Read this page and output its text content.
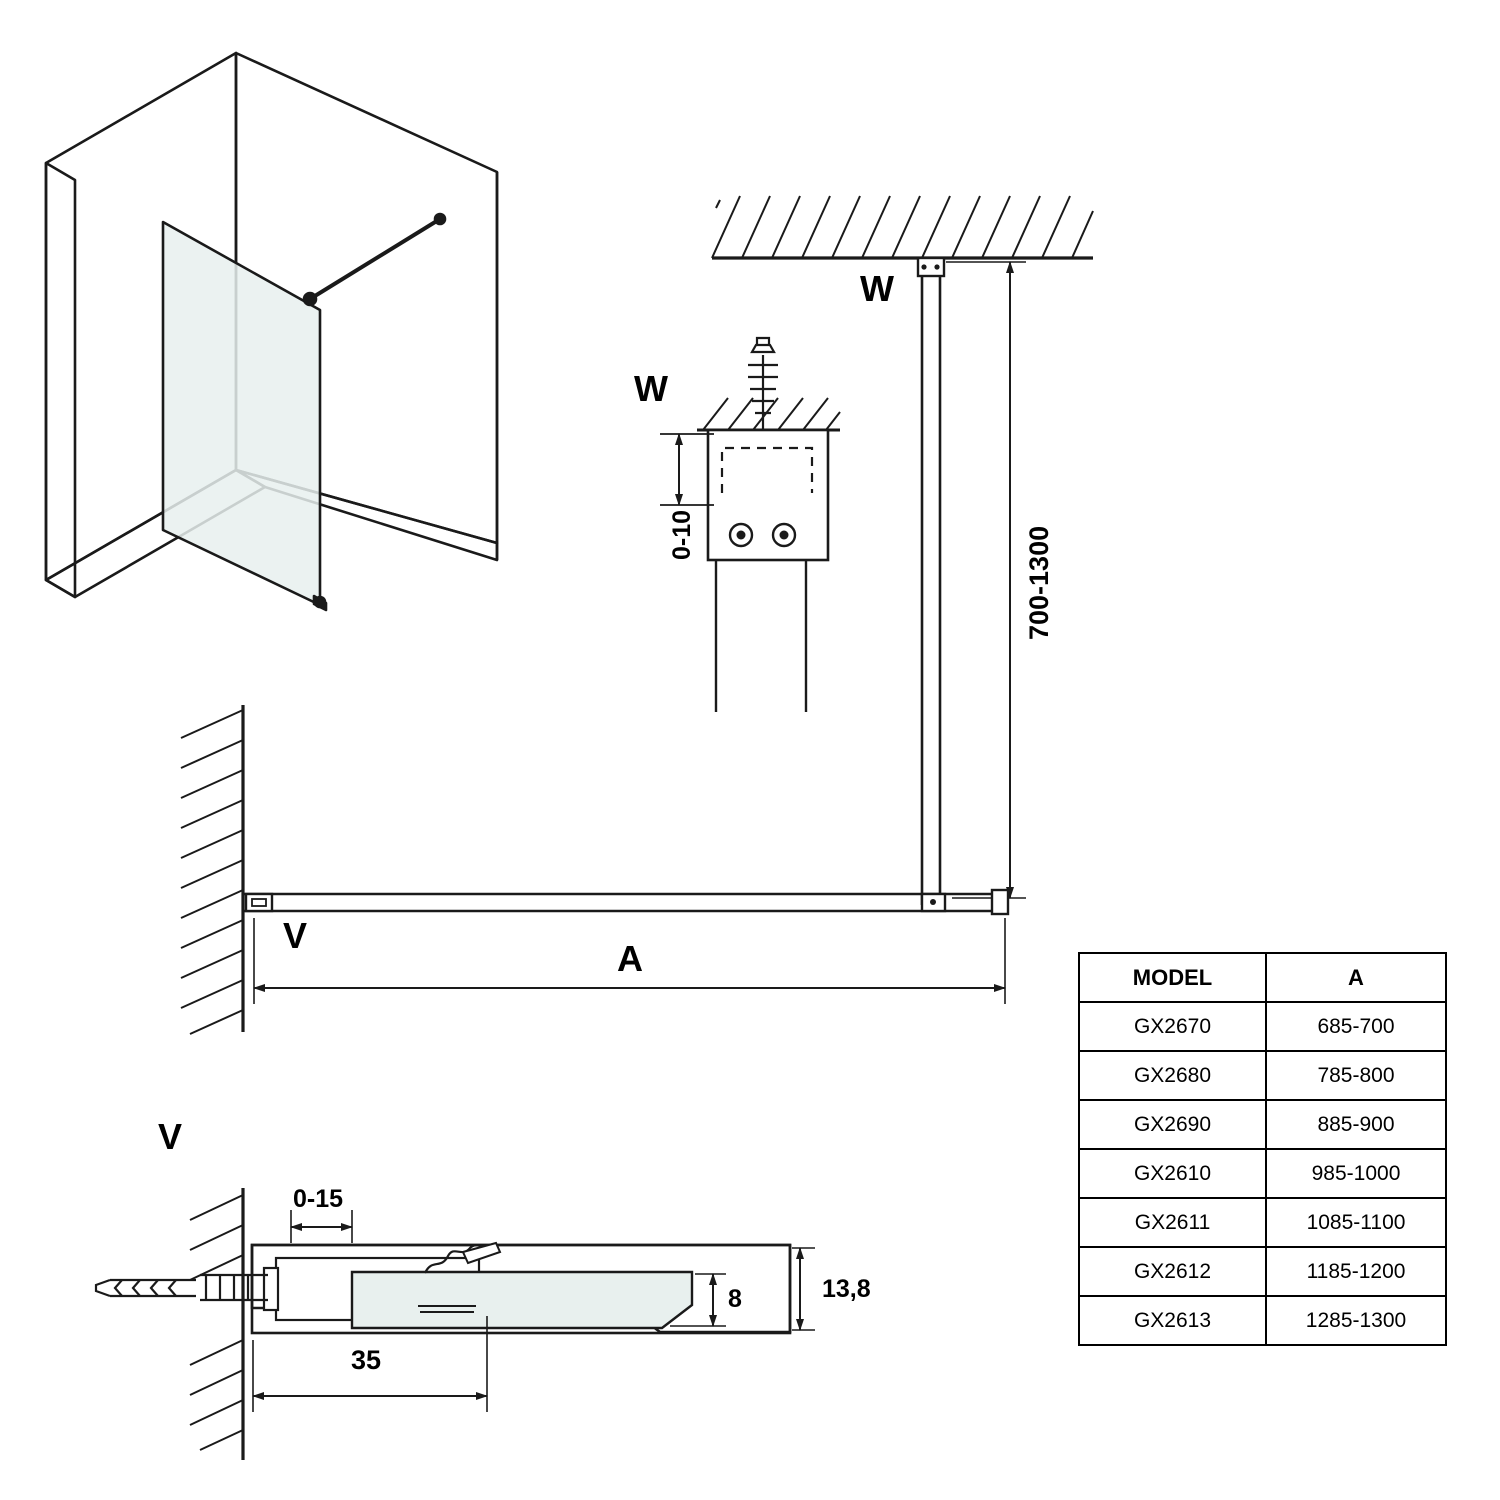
W
W
0-10	700-1300
V
A
V
0-15
8	13,8
35
MODEL	A
GX2670	685-700
GX2680	785-800
GX2690	885-900
GX2610	985-1000
GX2611	1085-1100
GX2612	1185-1200
GX2613	1285-1300
